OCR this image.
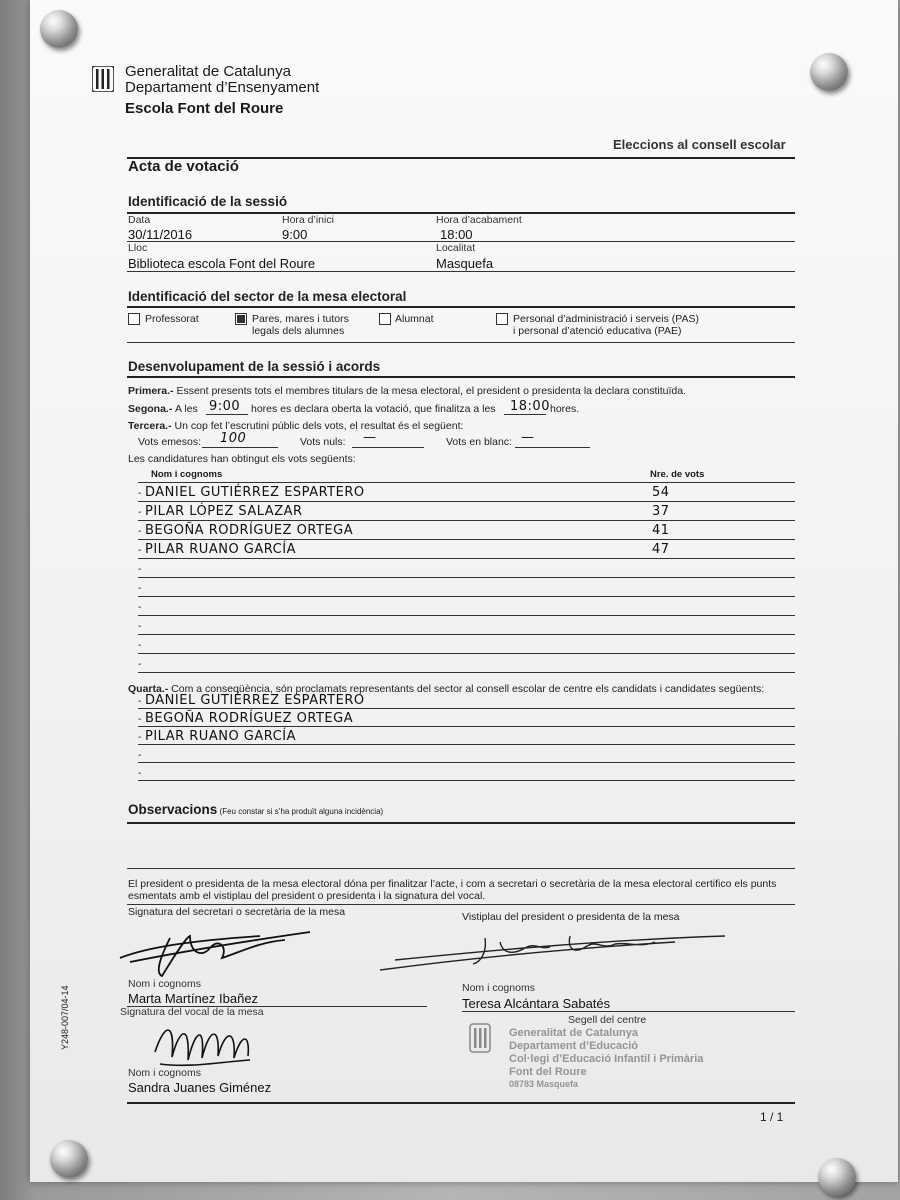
Generalitat de Catalunya
Departament d’Ensenyament
Escola Font del Roure
Eleccions al consell escolar
Acta de votació
Identificació de la sessió
Data	Hora d’inici	Hora d’acabament
30/11/2016	9:00	18:00
Lloc	Localitat
Biblioteca escola Font del Roure	Masquefa
Identificació del sector de la mesa electoral
Professorat	Pares, mares i tutors
legals dels alumnes
Alumnat	Personal d’administració i serveis (PAS)
i personal d’atenció educativa (PAE)
Desenvolupament de la sessió i acords
Primera.- Essent presents tots el membres titulars de la mesa electoral, el president o presidenta la declara constituïda.
Segona.- A les 9:00 hores es declara oberta la votació, que finalitza a les 18:00 hores.
Tercera.- Un cop fet l’escrutini públic dels vots, el resultat és el següent:
Vots emesos: 100	Vots nuls: —	Vots en blanc: —
Les candidatures han obtingut els vots següents:
Nom i cognoms	Nre. de vots
- DANIEL GUTIÉRREZ ESPARTERO	54
- PILAR LÓPEZ SALAZAR	37
- BEGOÑA RODRÍGUEZ ORTEGA	41
- PILAR RUANO GARCÍA	47
-
-
-
-
-
-
Quarta.- Com a conseqüència, són proclamats representants del sector al consell escolar de centre els candidats i candidates següents:
- DANIEL GUTIÉRREZ ESPARTERO
- BEGOÑA RODRÍGUEZ ORTEGA
- PILAR RUANO GARCÍA
-
-
Observacions (Feu constar si s’ha produït alguna incidència)
El president o presidenta de la mesa electoral dóna per finalitzar l’acte, i com a secretari o secretària de la mesa electoral certifico els punts
esmentats amb el vistiplau del president o presidenta i la signatura del vocal.
Signatura del secretari o secretària de la mesa	Vistiplau del president o presidenta de la mesa
Nom i cognoms	Nom i cognoms
Marta Martínez Ibañez	Teresa Alcántara Sabatés
Signatura del vocal de la mesa
Segell del centre
Generalitat de Catalunya
Departament d’Educació
Col·legi d’Educació Infantil i Primària
Font del Roure
08783 Masquefa
Nom i cognoms
Sandra Juanes Giménez
Y248-007/04-14
1 / 1
